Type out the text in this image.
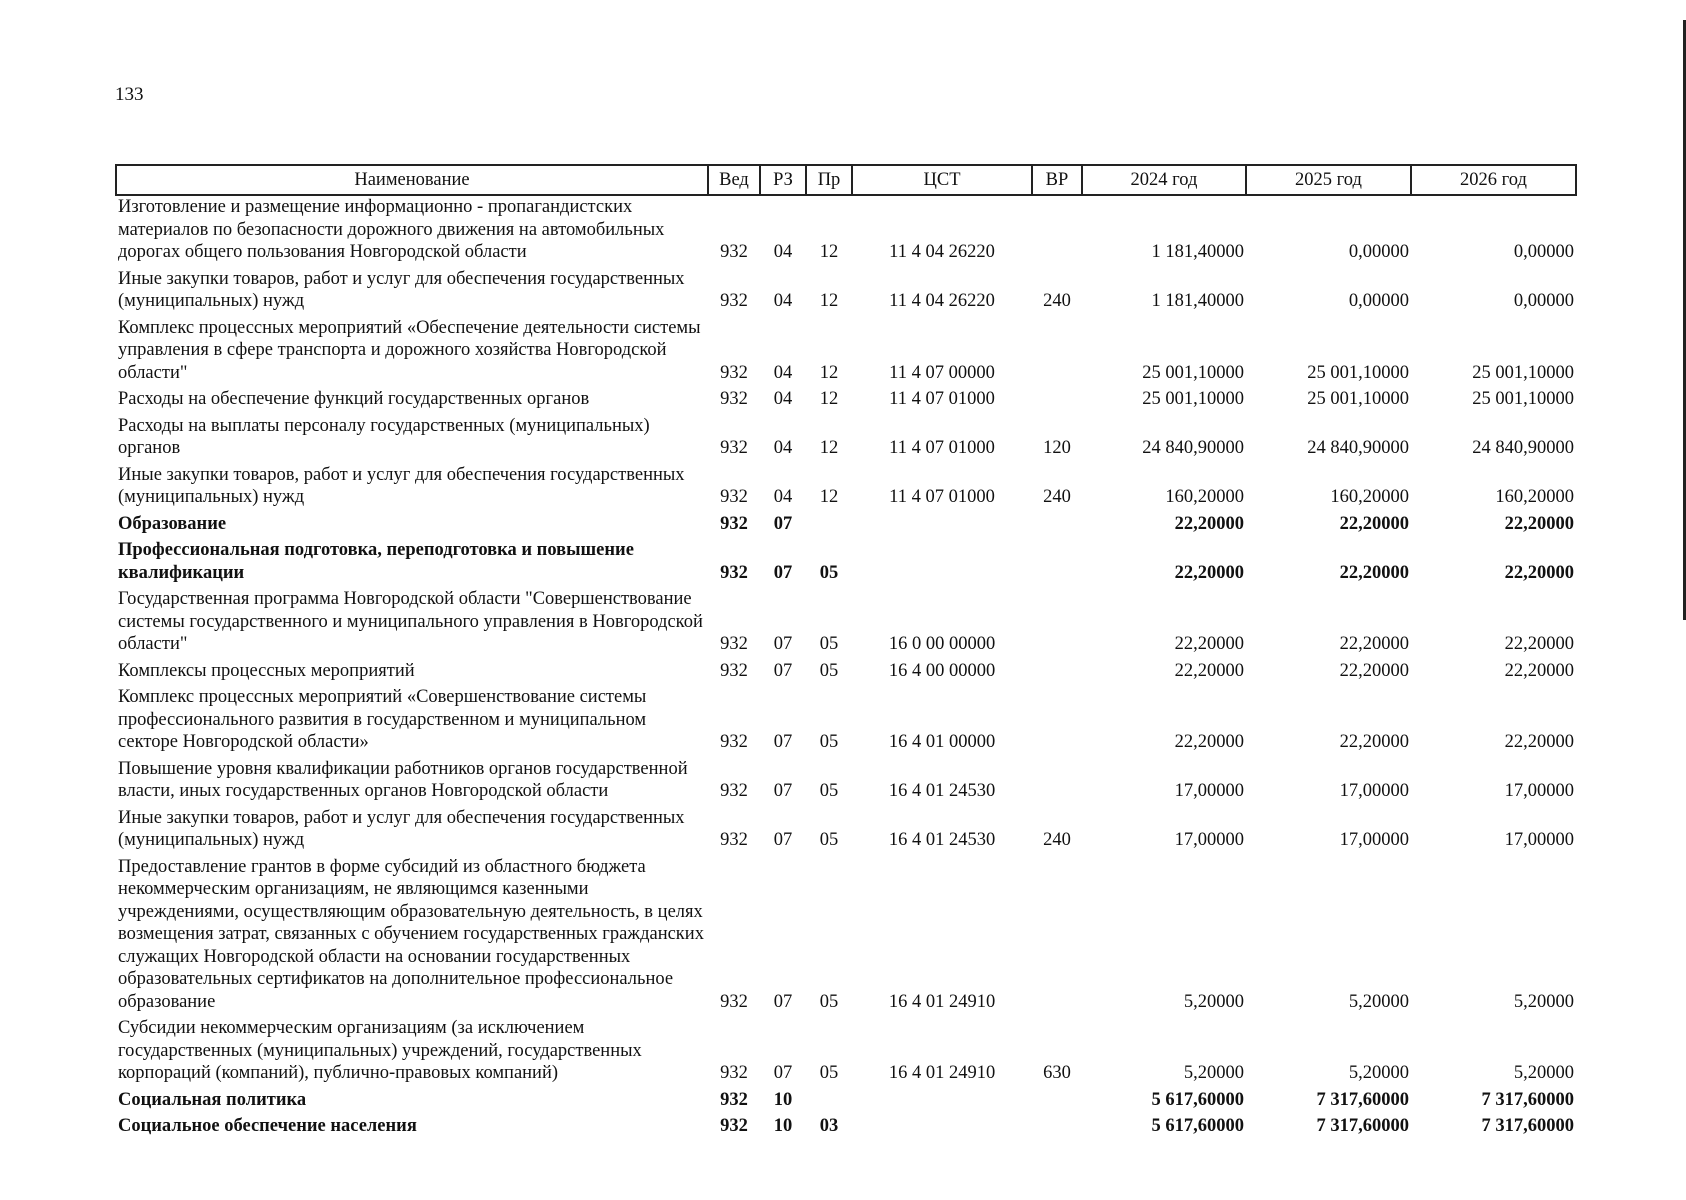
133
Наименование	Вед	РЗ	Пр	ЦСТ	ВР	2024 год	2025 год	2026 год
Изготовление и размещение информационно - пропагандистских материалов по безопасности дорожного движения на автомобильных дорогах общего пользования Новгородской области	932	04	12	11 4 04 26220		1 181,40000	0,00000	0,00000
Иные закупки товаров, работ и услуг для обеспечения государственных (муниципальных) нужд	932	04	12	11 4 04 26220	240	1 181,40000	0,00000	0,00000
Комплекс процессных мероприятий «Обеспечение деятельности системы управления в сфере транспорта и дорожного хозяйства Новгородской области"	932	04	12	11 4 07 00000		25 001,10000	25 001,10000	25 001,10000
Расходы на обеспечение функций государственных органов	932	04	12	11 4 07 01000		25 001,10000	25 001,10000	25 001,10000
Расходы на выплаты персоналу государственных (муниципальных) органов	932	04	12	11 4 07 01000	120	24 840,90000	24 840,90000	24 840,90000
Иные закупки товаров, работ и услуг для обеспечения государственных (муниципальных) нужд	932	04	12	11 4 07 01000	240	160,20000	160,20000	160,20000
Образование	932	07				22,20000	22,20000	22,20000
Профессиональная подготовка, переподготовка и повышение квалификации	932	07	05			22,20000	22,20000	22,20000
Государственная программа Новгородской области "Совершенствование системы государственного и муниципального управления в Новгородской области"	932	07	05	16 0 00 00000		22,20000	22,20000	22,20000
Комплексы процессных мероприятий	932	07	05	16 4 00 00000		22,20000	22,20000	22,20000
Комплекс процессных мероприятий «Совершенствование системы профессионального развития в государственном и муниципальном секторе Новгородской области»	932	07	05	16 4 01 00000		22,20000	22,20000	22,20000
Повышение уровня квалификации работников органов государственной власти, иных государственных органов Новгородской области	932	07	05	16 4 01 24530		17,00000	17,00000	17,00000
Иные закупки товаров, работ и услуг для обеспечения государственных (муниципальных) нужд	932	07	05	16 4 01 24530	240	17,00000	17,00000	17,00000
Предоставление грантов в форме субсидий из областного бюджета некоммерческим организациям, не являющимся казенными учреждениями, осуществляющим образовательную деятельность, в целях возмещения затрат, связанных с обучением государственных гражданских служащих Новгородской области на основании государственных образовательных сертификатов на дополнительное профессиональное образование	932	07	05	16 4 01 24910		5,20000	5,20000	5,20000
Субсидии некоммерческим организациям (за исключением государственных (муниципальных) учреждений, государственных корпораций (компаний), публично-правовых компаний)	932	07	05	16 4 01 24910	630	5,20000	5,20000	5,20000
Социальная политика	932	10				5 617,60000	7 317,60000	7 317,60000
Социальное обеспечение населения	932	10	03			5 617,60000	7 317,60000	7 317,60000
